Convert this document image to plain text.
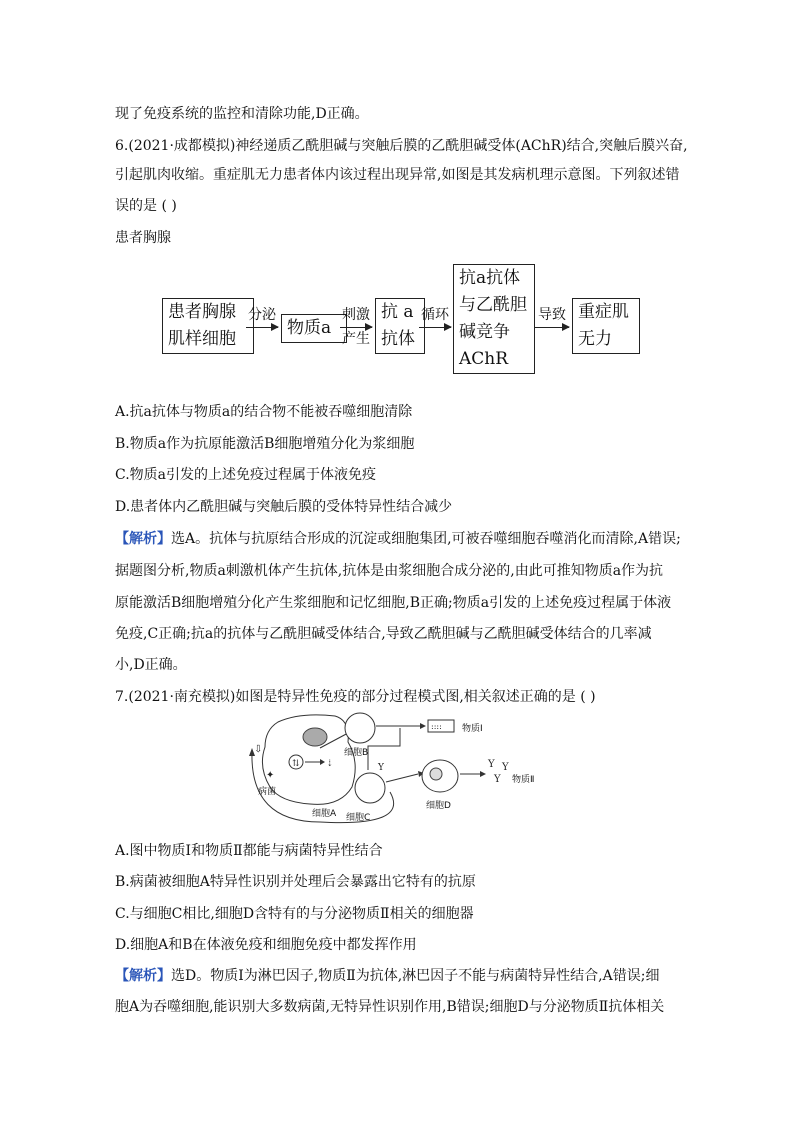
现了免疫系统的监控和清除功能,D正确。
6.(2021·成都模拟)神经递质乙酰胆碱与突触后膜的乙酰胆碱受体(AChR)结合,突触后膜兴奋,
引起肌肉收缩。重症肌无力患者体内该过程出现异常,如图是其发病机理示意图。下列叙述错
误的是 ( )
患者胸腺
患者胸腺
肌样细胞
分泌
物质a
刺激
产生
抗 a
抗体
循环
抗a抗体
与乙酰胆
碱竞争
AChR
导致 重症肌
无力
A.抗a抗体与物质a的结合物不能被吞噬细胞清除
B.物质a作为抗原能激活B细胞增殖分化为浆细胞
C.物质a引发的上述免疫过程属于体液免疫
D.患者体内乙酰胆碱与突触后膜的受体特异性结合减少
【解析】选A。抗体与抗原结合形成的沉淀或细胞集团,可被吞噬细胞吞噬消化而清除,A错误;
据题图分析,物质a刺激机体产生抗体,抗体是由浆细胞合成分泌的,由此可推知物质a作为抗
原能激活B细胞增殖分化产生浆细胞和记忆细胞,B正确;物质a引发的上述免疫过程属于体液
免疫,C正确;抗a的抗体与乙酰胆碱受体结合,导致乙酰胆碱与乙酰胆碱受体结合的几率减
小,D正确。
7.(2021·南充模拟)如图是特异性免疫的部分过程模式图,相关叙述正确的是 ( )
⇅	⇣
细胞B
:::: 物质Ⅰ
Y
细胞C
细胞D
Y
Y
Y
物质Ⅱ
⇩
✦
病菌
细胞A
A.图中物质Ⅰ和物质Ⅱ都能与病菌特异性结合
B.病菌被细胞A特异性识别并处理后会暴露出它特有的抗原
C.与细胞C相比,细胞D含特有的与分泌物质Ⅱ相关的细胞器
D.细胞A和B在体液免疫和细胞免疫中都发挥作用
【解析】选D。物质Ⅰ为淋巴因子,物质Ⅱ为抗体,淋巴因子不能与病菌特异性结合,A错误;细
胞A为吞噬细胞,能识别大多数病菌,无特异性识别作用,B错误;细胞D与分泌物质Ⅱ抗体相关
